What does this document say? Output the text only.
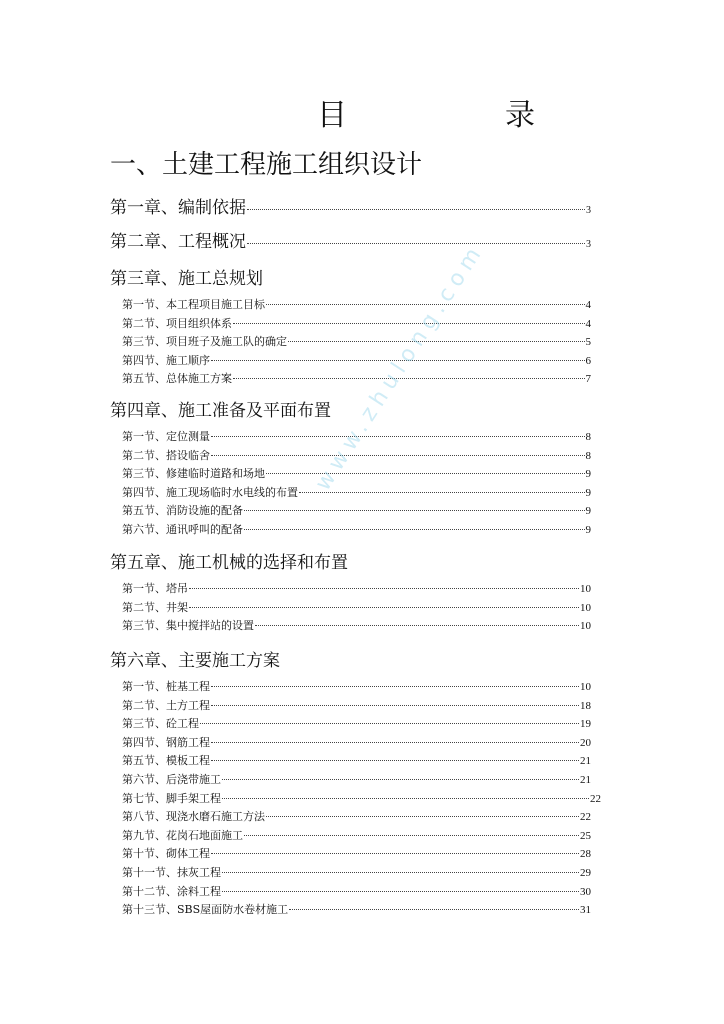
目	录
一、土建工程施工组织设计
第一章、编制依据	3
第二章、工程概况	3
第三章、施工总规划
第一节、本工程项目施工目标	4
第二节、项目组织体系	4
第三节、项目班子及施工队的确定	5
第四节、施工顺序	6
第五节、总体施工方案	7
第四章、施工准备及平面布置
第一节、定位测量	8
第二节、搭设临舍	8
第三节、修建临时道路和场地	9
第四节、施工现场临时水电线的布置	9
第五节、消防设施的配备	9
第六节、通讯呼叫的配备	9
第五章、施工机械的选择和布置
第一节、塔吊	10
第二节、井架	10
第三节、集中搅拌站的设置	10
第六章、主要施工方案
第一节、桩基工程	10
第二节、土方工程	18
第三节、砼工程	19
第四节、钢筋工程	20
第五节、模板工程	21
第六节、后浇带施工	21
第七节、脚手架工程	22
第八节、现浇水磨石施工方法	22
第九节、花岗石地面施工	25
第十节、砌体工程	28
第十一节、抹灰工程	29
第十二节、涂料工程	30
第十三节、SBS屋面防水卷材施工	31
www.zhulong.com
